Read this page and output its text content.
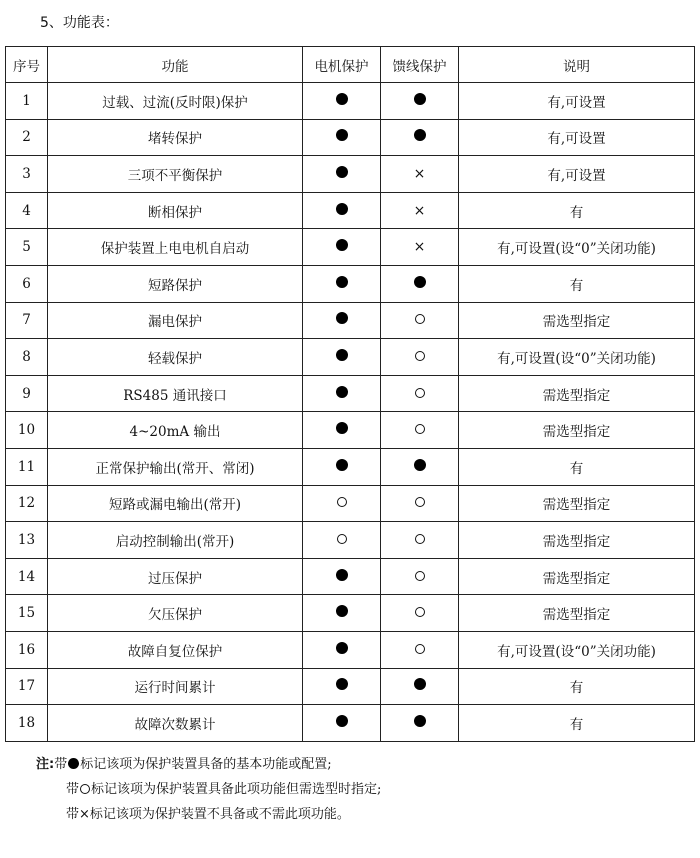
5、功能表：
序号	功能	电机保护	馈线保护	说明
1	过载、过流(反时限)保护			有,可设置
2	堵转保护			有,可设置
3	三项不平衡保护		×	有,可设置
4	断相保护		×	有
5	保护装置上电电机自启动		×	有,可设置(设“0”关闭功能)
6	短路保护			有
7	漏电保护			需选型指定
8	轻载保护			有,可设置(设“0”关闭功能)
9	RS485 通讯接口			需选型指定
10	4~20mA 输出			需选型指定
11	正常保护输出(常开、常闭)			有
12	短路或漏电输出(常开)			需选型指定
13	启动控制输出(常开)			需选型指定
14	过压保护			需选型指定
15	欠压保护			需选型指定
16	故障自复位保护			有,可设置(设“0”关闭功能)
17	运行时间累计			有
18	故障次数累计			有
注:带 标记该项为保护装置具备的基本功能或配置;
带 标记该项为保护装置具备此项功能但需选型时指定;
带×标记该项为保护装置不具备或不需此项功能。
